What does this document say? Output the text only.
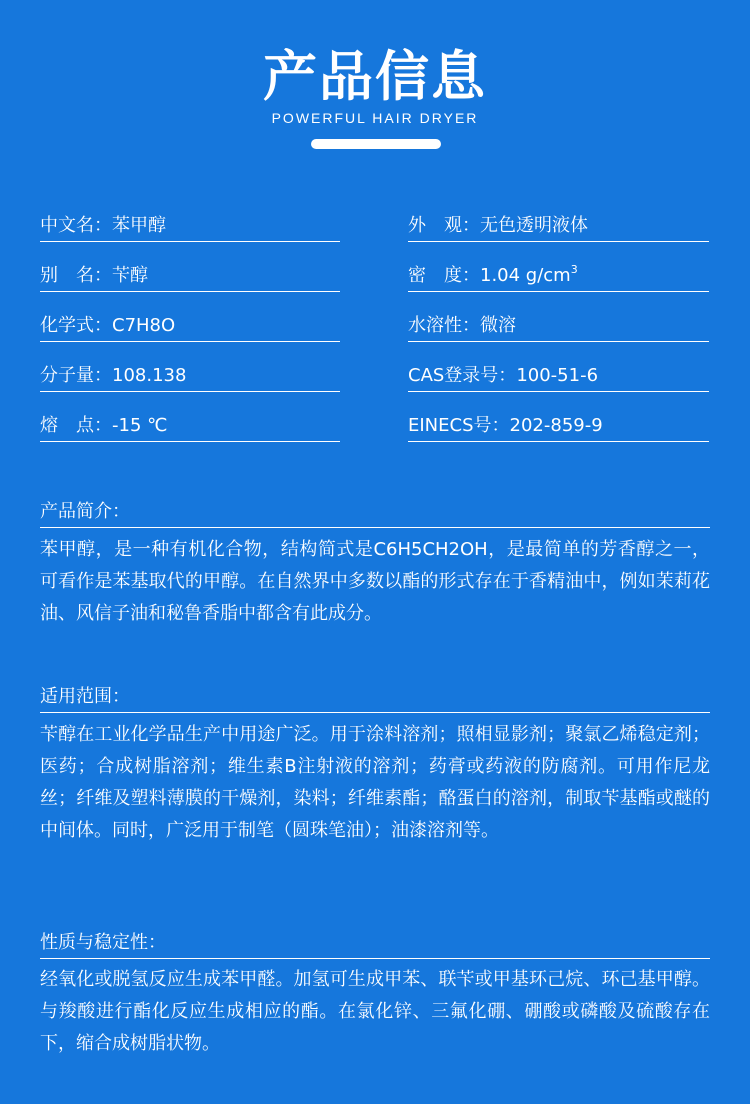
产品信息
POWERFUL HAIR DRYER
中文名：苯甲醇
别　名：苄醇
化学式：C7H8O
分子量：108.138
熔　点：-15 ℃
外　观：无色透明液体
密　度：1.04 $g/cm^3$
水溶性：微溶
CAS登录号：100-51-6
EINECS号：202-859-9
产品简介：
苯甲醇，是一种有机化合物，结构简式是C6H5CH2OH，是最简单的芳香醇之一，可看作是苯基取代的甲醇。在自然界中多数以酯的形式存在于香精油中，例如茉莉花油、风信子油和秘鲁香脂中都含有此成分。
适用范围：
苄醇在工业化学品生产中用途广泛。用于涂料溶剂；照相显影剂；聚氯乙烯稳定剂；医药；合成树脂溶剂；维生素B注射液的溶剂；药膏或药液的防腐剂。可用作尼龙丝；纤维及塑料薄膜的干燥剂，染料；纤维素酯；酪蛋白的溶剂，制取苄基酯或醚的中间体。同时，广泛用于制笔（圆珠笔油）；油漆溶剂等。
性质与稳定性：
经氧化或脱氢反应生成苯甲醛。加氢可生成甲苯、联苄或甲基环己烷、环己基甲醇。与羧酸进行酯化反应生成相应的酯。在氯化锌、三氟化硼、硼酸或磷酸及硫酸存在下，缩合成树脂状物。
